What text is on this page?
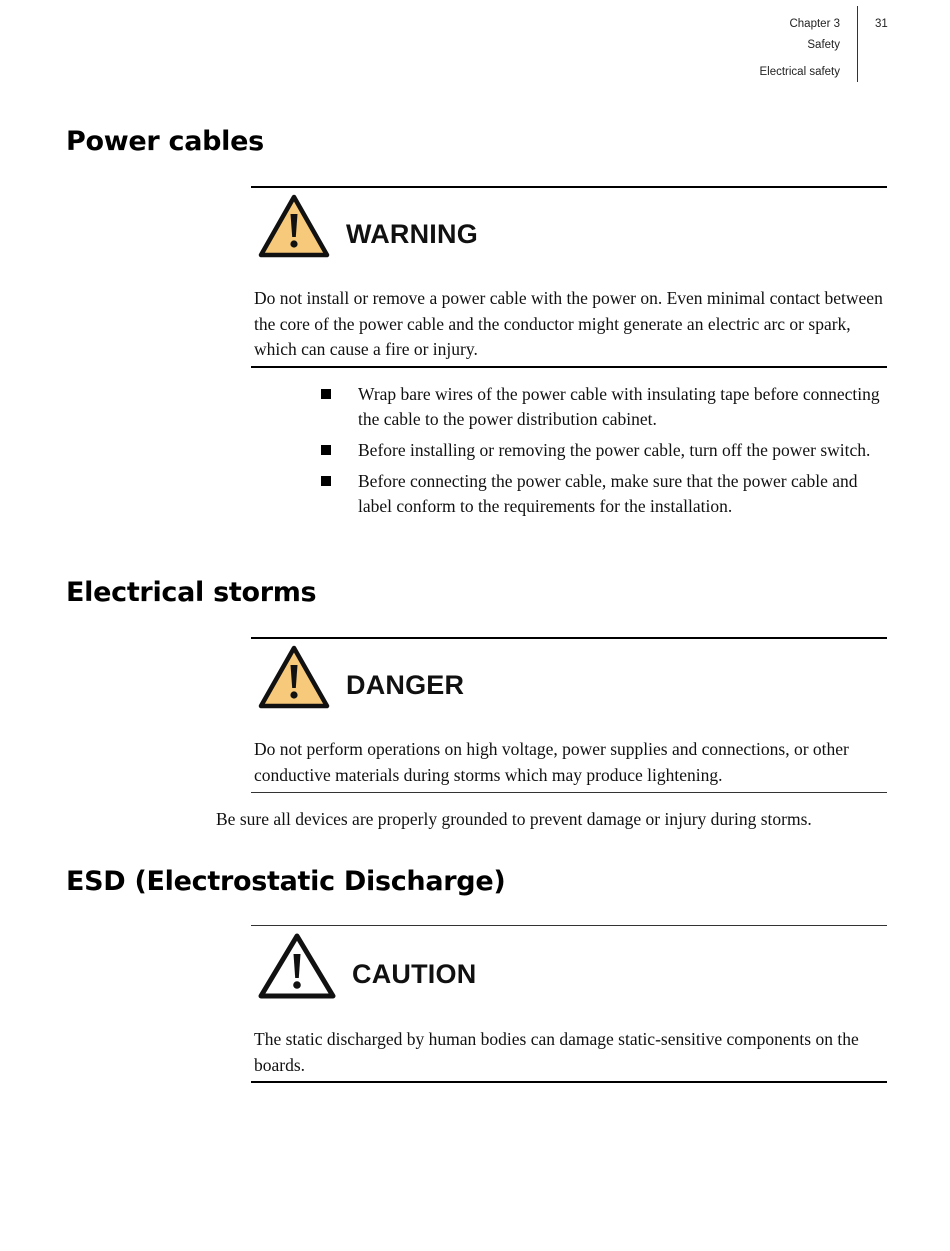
Chapter 3
Safety
Electrical safety
31
Power cables
WARNING

Do not install or remove a power cable with the power on. Even minimal contact between the core of the power cable and the conductor might generate an electric arc or spark, which can cause a fire or injury.

Wrap bare wires of the power cable with insulating tape before connecting the cable to the power distribution cabinet.
Before installing or removing the power cable, turn off the power switch.
Before connecting the power cable, make sure that the power cable and label conform to the requirements for the installation.
Electrical storms
DANGER

Do not perform operations on high voltage, power supplies and connections, or other conductive materials during storms which may produce lightening.

Be sure all devices are properly grounded to prevent damage or injury during storms.

ESD (Electrostatic Discharge)
CAUTION

The static discharged by human bodies can damage static-sensitive components on the boards.
